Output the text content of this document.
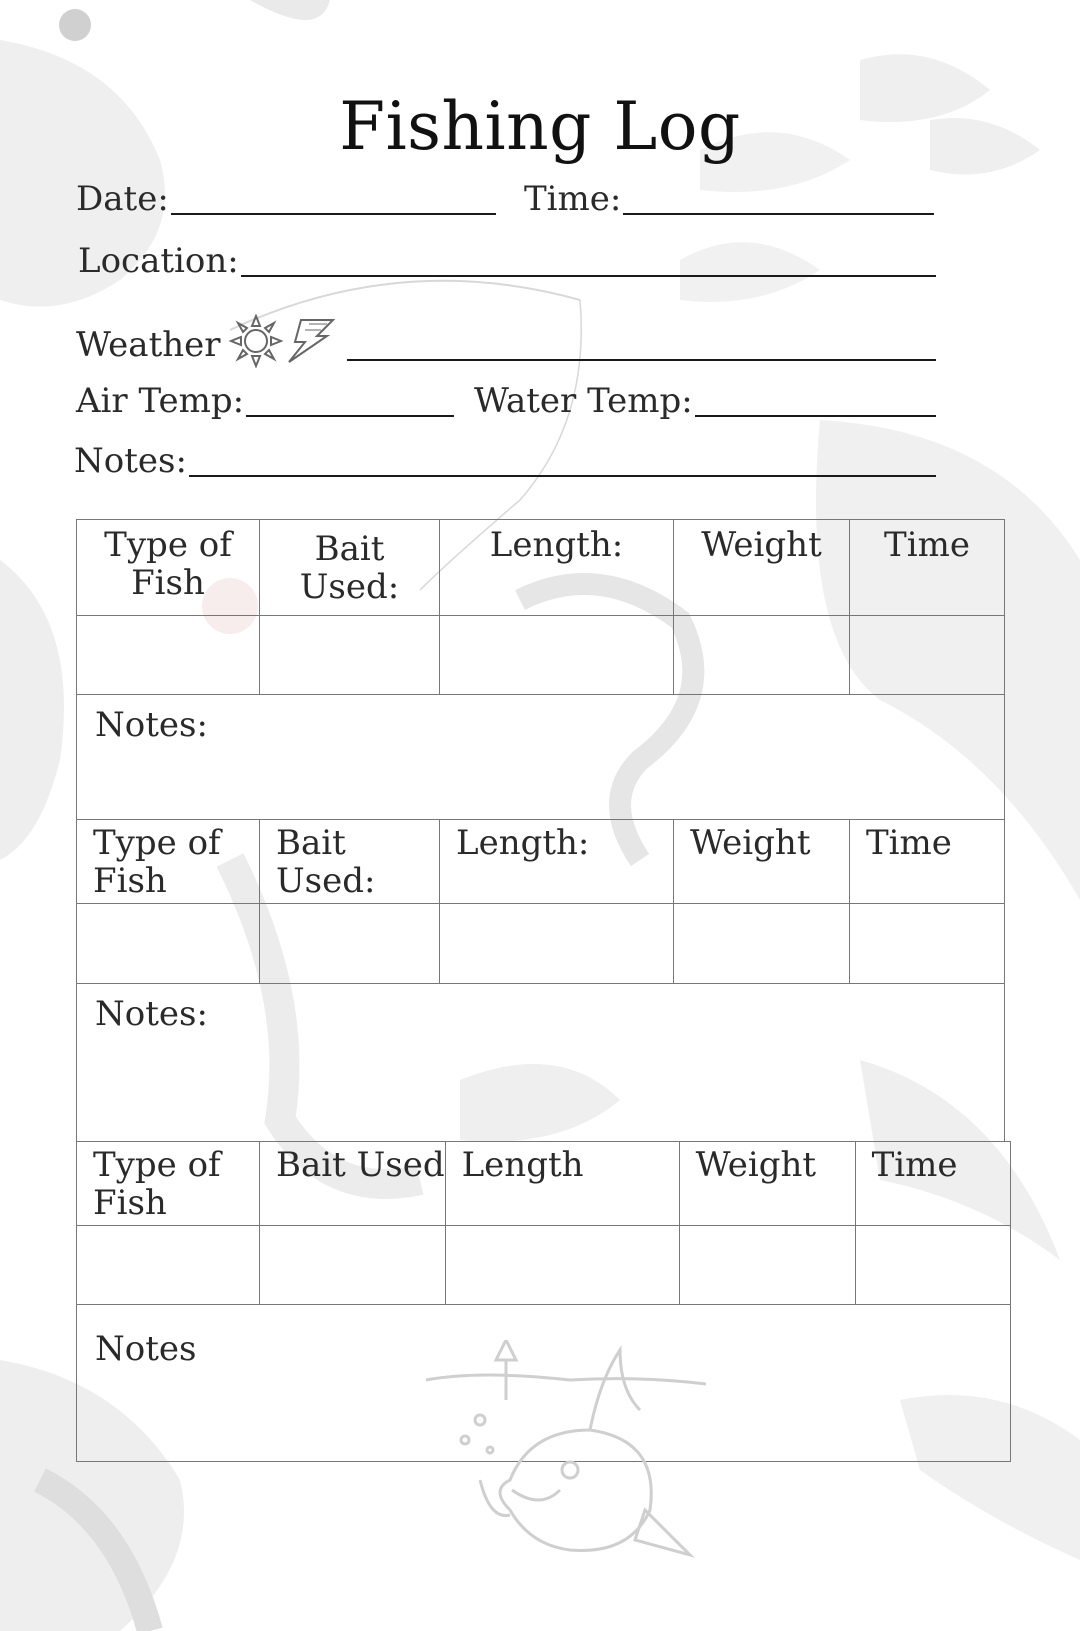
Fishing Log
Date:	Time:
Location:
Weather
Air Temp:	Water Temp:
Notes:
Type of Fish	Bait Used:	Length:	Weight	Time

Notes:				
Type of Fish	Bait Used:	Length:	Weight	Time

Notes:				
Type of Fish	Bait Used	Length	Weight	Time

Notes				
